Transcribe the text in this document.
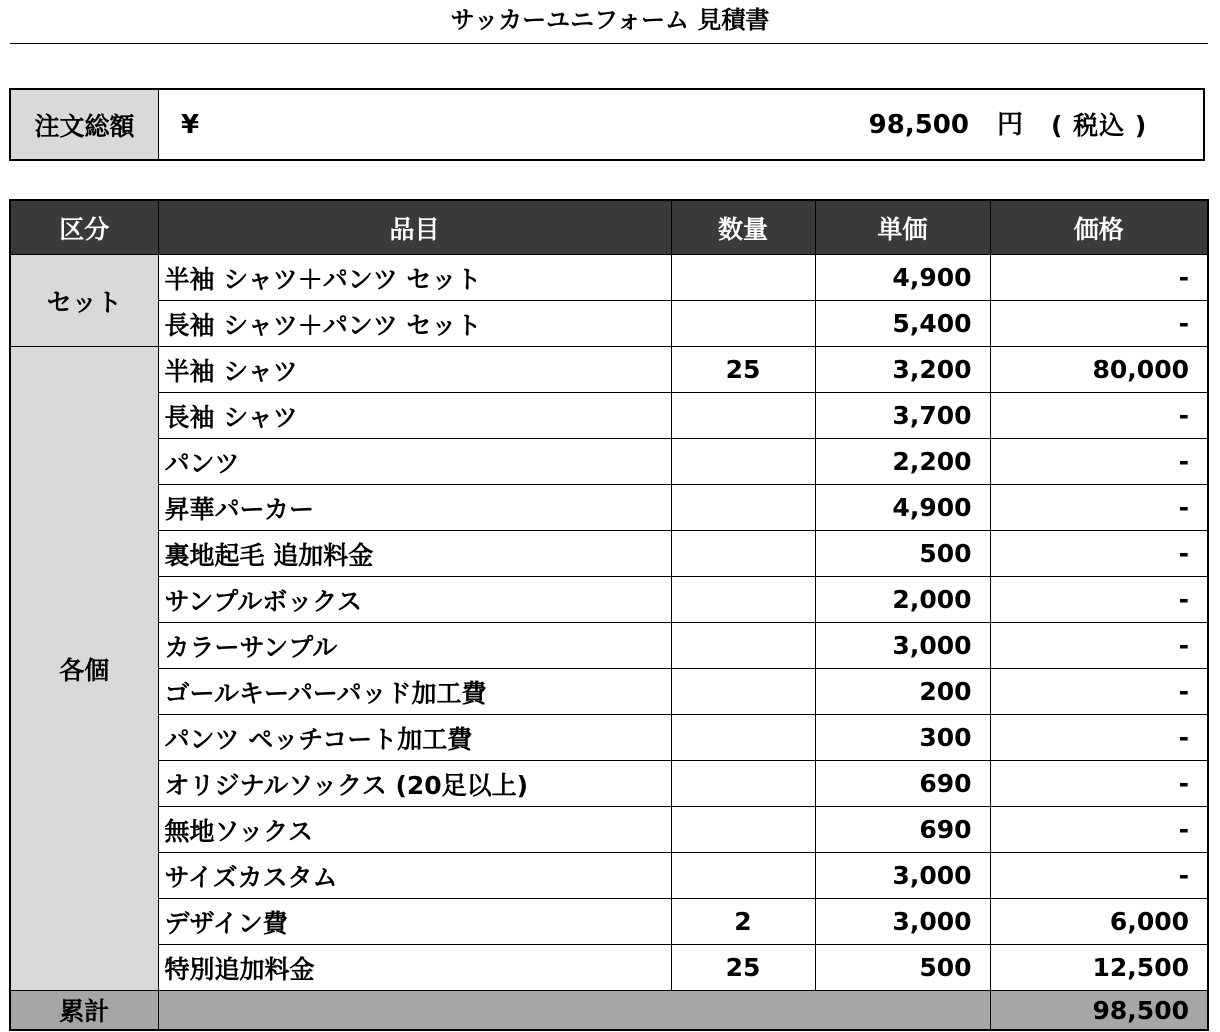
サッカーユニフォーム 見積書
注文総額	¥	98,500 円 ( 税込 )
区分	品目	数量	単価	価格
セット	半袖 シャツ＋パンツ セット		4,900	-
	長袖 シャツ＋パンツ セット		5,400	-
各個	半袖 シャツ	25	3,200	80,000
	長袖 シャツ		3,700	-
	パンツ		2,200	-
	昇華パーカー		4,900	-
	裏地起毛 追加料金		500	-
	サンプルボックス		2,000	-
	カラーサンプル		3,000	-
	ゴールキーパーパッド加工費		200	-
	パンツ ペッチコート加工費		300	-
	オリジナルソックス (20足以上)		690	-
	無地ソックス		690	-
	サイズカスタム		3,000	-
	デザイン費	2	3,000	6,000
	特別追加料金	25	500	12,500
累計				98,500
